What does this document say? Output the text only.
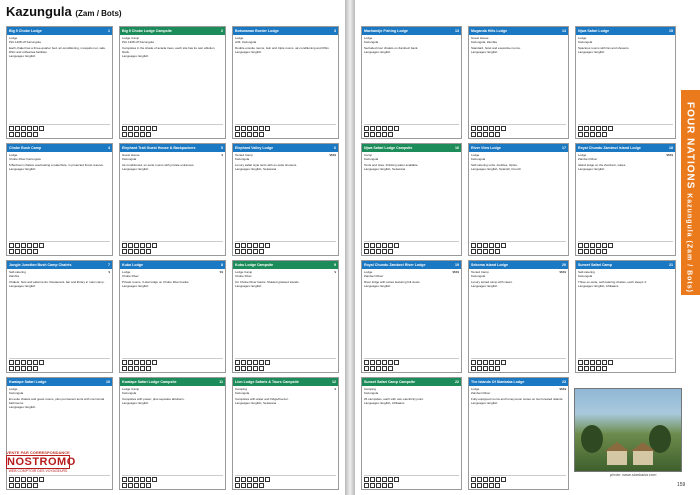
Kazungula (Zam / Bots)
Big 5 Chobe Lodge	1
Lodge
Plot 1408 off Kazungula
Each chalet has a three-quarter bed, air-conditioning, mosquito net, safe, DStv and coffee/tea facilities.
Languages: English
Big 5 Chobe Lodge Campsite	2
Lodge Camp
Plot 1408 off Kazungula
Campsites in the shade of acacia trees, each site has its own ablution block.
Languages: English
Botswanan Border Lodge	3
Lodge
A33, Kazungula
Double ensuite rooms, twin and triple rooms, air-conditioning and DStv.
Languages: English
Chobe Bush Camp	4
Lodge
Chobe River Kazungula
5 Bedroom chalets overlooking a waterhole, in protected forest reserve.
Languages: English
Elephant Trail Guest House & Backpackers	5
Guest House	$
Kazungula
Air-conditioned, en-suite rooms with private entrances.
Languages: English
Elephant Valley Lodge	6
Tented Camp	$$$$
Kazungula
Luxury safari style tents with en-suite showers.
Languages: English, Setswana
Jungle Junction Bush Camp Chalets	7
Self-catering	$
Zambia
Chalets, huts and safari tents. Restaurant, bar and library in main camp.
Languages: English
Kubu Lodge	8
Lodge	$$
Chobe River
Private rooms, 3-star lodge on Chobe River banks.
Languages: English
Kubu Lodge Campsite	9
Lodge Camp	$
Chobe River
On Chobe River banks. Shaded grassed stands.
Languages: English
Kwalape Safari Lodge	10
Lodge
Kazungula
En-suite chalets and guest rooms, plus permanent tents with communal bathrooms.
Languages: English
Kwalape Safari Lodge Campsite	11
Lodge Camp
Kazungula
Campsites with power, plus separate ablutions.
Languages: English
Lion Lodge Safaris & Tours Campsite	12
Camping	$
Kazungula
Campsites with water and fridge/freezer.
Languages: English, Setswana
VENTE PAR CORRESPONDANCE
NOSTROMO
WEB COMPTOIR DES VOYAGEURS
Mazhandje Fishing Lodge	13
Lodge
Kazungula
Secluded river chalets on Zambezi bank.
Languages: English
Muganda Hills Lodge	14
Guest House
Kazungula, Zambia
Standard, hotel and executive rooms.
Languages: English
Njwa Safari Lodge	15
Lodge
Kazungula
Spacious rooms with fan and showers.
Languages: English
Njwa Safari Lodge Campsite	16
Camp
Kazungula
Tents and sites. Drinking water available.
Languages: English, Setswana
River View Lodge	17
Lodge
Kazungula
Self-catering units, doubles, triples.
Languages: English, Spanish, French
Royal Chundu Zambezi Island Lodge	18
Lodge	$$$$
Zambezi River
Island lodge on the Zambezi, suites.
Languages: English
Royal Chundu Zambezi River Lodge	19
Lodge	$$$$
Zambezi River
River lodge with suites featuring full views.
Languages: English
Sekoma Island Lodge	20
Tented Camp	$$$$
Kazungula
Luxury tented camp with views.
Languages: English
Sunset Safari Camp	21
Self-catering
Kazungula
Three en-suite, self-catering chalets, each sleeps 4.
Languages: English, Afrikaans
Sunset Safari Camp Campsite	22
Camping
Kazungula
26 campsites, each with own electricity point.
Languages: English, Afrikaans
The Islands Of Siankaba Lodge	23
Lodge	$$$$
Zambezi River
Fully-equipped rooms and honeymoon suites on two forested islands.
Languages: English
FOUR NATIONS Kazungula (Zam / Bots)
photo: www.siankaba.com
159
